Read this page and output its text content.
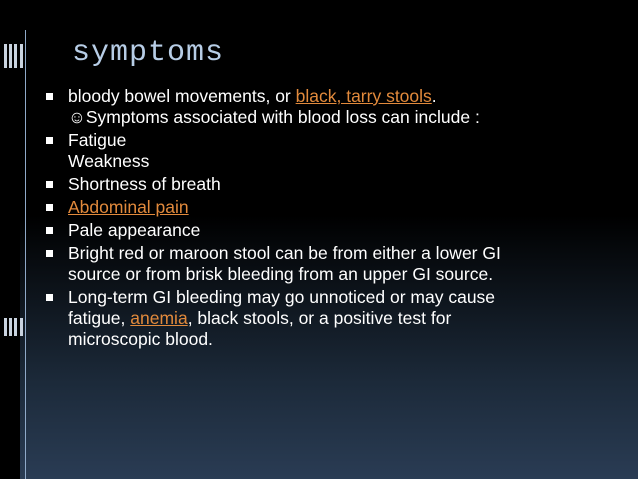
symptoms
bloody bowel movements, or black, tarry stools.
☺Symptoms associated with blood loss can include :
Fatigue
Weakness
Shortness of breath
Abdominal pain
Pale appearance
Bright red or maroon stool can be from either a lower GI
source or from brisk bleeding from an upper GI source.
Long-term GI bleeding may go unnoticed or may cause
fatigue, anemia, black stools, or a positive test for
microscopic blood.
